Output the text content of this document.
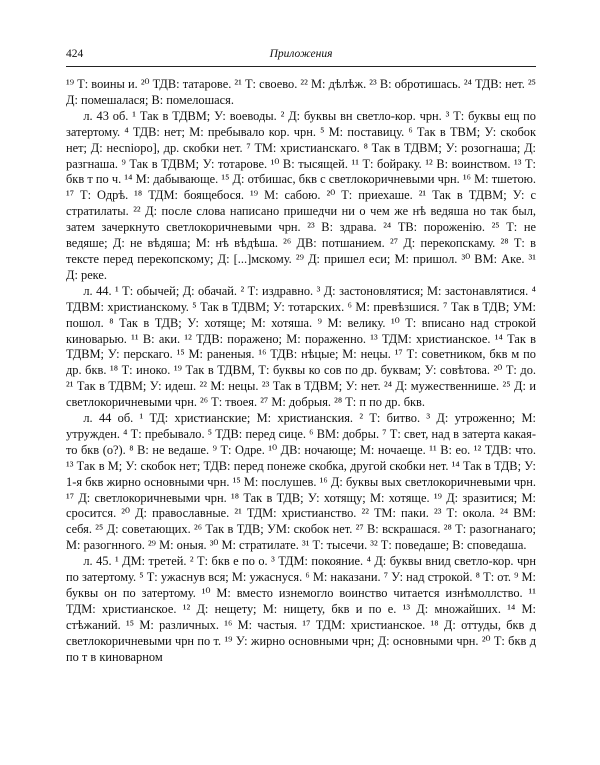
424	Приложения

¹⁹ Т: воины и. ²⁰ ТДВ: татарове. ²¹ Т: своево. ²² М: дѣлѣж. ²³ В: обротишась. ²⁴ ТДВ: нет. ²⁵ Д: помешалася; В: помелошася.

л. 43 об. ¹ Так в ТДВМ; У: воеводы. ² Д: буквы вн светло-кор. чрн. ³ Т: буквы ещ по затертому. ⁴ ТДВ: нет; М: пребывало кор. чрн. ⁵ М: поставицу. ⁶ Так в ТВМ; У: скобок нет; Д: несniopo], др. скобки нет. ⁷ ТМ: христианскаго. ⁸ Так в ТДВМ; У: розогнаша; Д: разгнаша. ⁹ Так в ТДВМ; У: тотарове. ¹⁰ В: тысящей. ¹¹ Т: бойраку. ¹² В: воинством. ¹³ Т: бкв т по ч. ¹⁴ М: дабывающе. ¹⁵ Д: отбишас, бкв с светлокоричневыми чрн. ¹⁶ М: тшетою. ¹⁷ Т: Одрѣ. ¹⁸ ТДМ: боящебося. ¹⁹ М: сабою. ²⁰ Т: приехаше. ²¹ Так в ТДВМ; У: с стратилаты. ²² Д: после слова написано пришедчи ни о чем же нѣ ведяша но так был, затем зачеркнуто светлокоричневыми чрн. ²³ В: здрава. ²⁴ ТВ: пороженію. ²⁵ Т: не ведяше; Д: не вѣдяша; М: нѣ вѣдѣша. ²⁶ ДВ: потшанием. ²⁷ Д: перекопскаму. ²⁸ Т: в тексте перед перекопскому; Д: [...]мскому. ²⁹ Д: пришел еси; М: пришол. ³⁰ ВМ: Аке. ³¹ Д: реке.

л. 44. ¹ Т: обычей; Д: обачай. ² Т: издравно. ³ Д: застоновлятися; М: застонавлятися. ⁴ ТДВМ: христианскому. ⁵ Так в ТДВМ; У: тотарских. ⁶ М: превѣзшися. ⁷ Так в ТДВ; УМ: пошол. ⁸ Так в ТДВ; У: хотяще; М: хотяша. ⁹ М: велику. ¹⁰ Т: вписано над строкой киноварью. ¹¹ В: аки. ¹² ТДВ: поражено; М: пораженно. ¹³ ТДМ: христианское. ¹⁴ Так в ТДВМ; У: перскаго. ¹⁵ М: раненыя. ¹⁶ ТДВ: нѣцые; М: нецы. ¹⁷ Т: советником, бкв м по др. бкв. ¹⁸ Т: иноко. ¹⁹ Так в ТДВМ, Т: буквы ко сов по др. буквам; У: совѣтова. ²⁰ Т: до. ²¹ Так в ТДВМ; У: идеш. ²² М: нецы. ²³ Так в ТДВМ; У: нет. ²⁴ Д: мужественнише. ²⁵ Д: и светлокоричневыми чрн. ²⁶ Т: твоея. ²⁷ М: добрыя. ²⁸ Т: п по др. бкв.

л. 44 об. ¹ ТД: христианские; М: христианския. ² Т: битво. ³ Д: утроженно; М: утружден. ⁴ Т: пребывало. ⁵ ТДВ: перед сице. ⁶ ВМ: добры. ⁷ Т: свет, над в затерта какая-то бкв (о?). ⁸ В: не ведаше. ⁹ Т: Одре. ¹⁰ ДВ: ночающе; М: ночаеще. ¹¹ В: ео. ¹² ТДВ: что. ¹³ Так в М; У: скобок нет; ТДВ: перед понеже скобка, другой скобки нет. ¹⁴ Так в ТДВ; У: 1-я бкв жирно основными чрн. ¹⁵ М: послушев. ¹⁶ Д: буквы вых светлокоричневыми чрн. ¹⁷ Д: светлокоричневыми чрн. ¹⁸ Так в ТДВ; У: хотящу; М: хотяще. ¹⁹ Д: зразитися; М: сросится. ²⁰ Д: православные. ²¹ ТДМ: христианство. ²² ТМ: паки. ²³ Т: окола. ²⁴ ВМ: себя. ²⁵ Д: советающих. ²⁶ Так в ТДВ; УМ: скобок нет. ²⁷ В: вскрашася. ²⁸ Т: разогнанаго; М: разогнного. ²⁹ М: оныя. ³⁰ М: стратилате. ³¹ Т: тысечи. ³² Т: поведаше; В: споведаша.

л. 45. ¹ ДМ: третей. ² Т: бкв е по о. ³ ТДМ: покояние. ⁴ Д: буквы внид светло-кор. чрн по затертому. ⁵ Т: ужаснув вся; М: ужаснуся. ⁶ М: наказани. ⁷ У: над строкой. ⁸ Т: от. ⁹ М: буквы он по затертому. ¹⁰ М: вместо изнемогло воинство читается изнѣмоллство. ¹¹ ТДМ: христианское. ¹² Д: нещету; М: нищету, бкв и по е. ¹³ Д: множайших. ¹⁴ М: стѣжаний. ¹⁵ М: различных. ¹⁶ М: частыя. ¹⁷ ТДМ: христианское. ¹⁸ Д: оттуды, бкв д светлокоричневыми чрн по т. ¹⁹ У: жирно основными чрн; Д: основными чрн. ²⁰ Т: бкв д по т в киноварном
